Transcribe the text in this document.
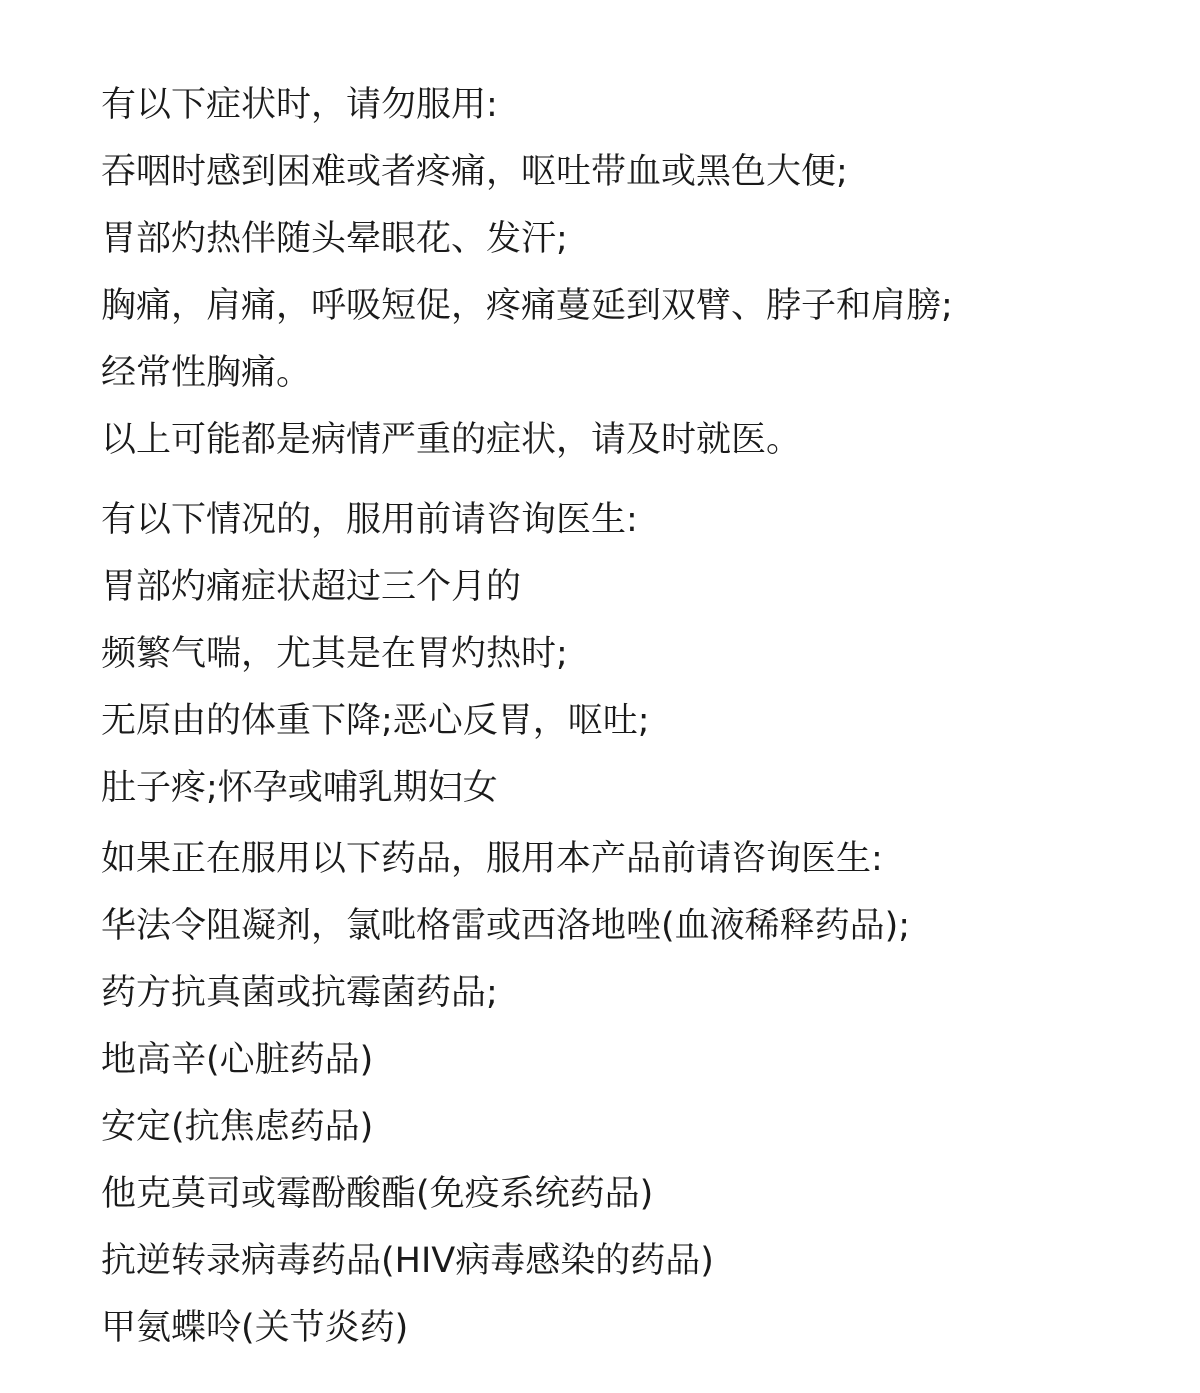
有以下症状时，请勿服用:
吞咽时感到困难或者疼痛，呕吐带血或黑色大便;
胃部灼热伴随头晕眼花、发汗;
胸痛，肩痛，呼吸短促，疼痛蔓延到双臂、脖子和肩膀;
经常性胸痛。
以上可能都是病情严重的症状，请及时就医。
有以下情况的，服用前请咨询医生:
胃部灼痛症状超过三个月的
频繁气喘，尤其是在胃灼热时;
无原由的体重下降;恶心反胃，呕吐;
肚子疼;怀孕或哺乳期妇女
如果正在服用以下药品，服用本产品前请咨询医生:
华法令阻凝剂，氯吡格雷或西洛地唑(血液稀释药品);
药方抗真菌或抗霉菌药品;
地高辛(心脏药品)
安定(抗焦虑药品)
他克莫司或霉酚酸酯(免疫系统药品)
抗逆转录病毒药品(HIV病毒感染的药品)
甲氨蝶呤(关节炎药)
